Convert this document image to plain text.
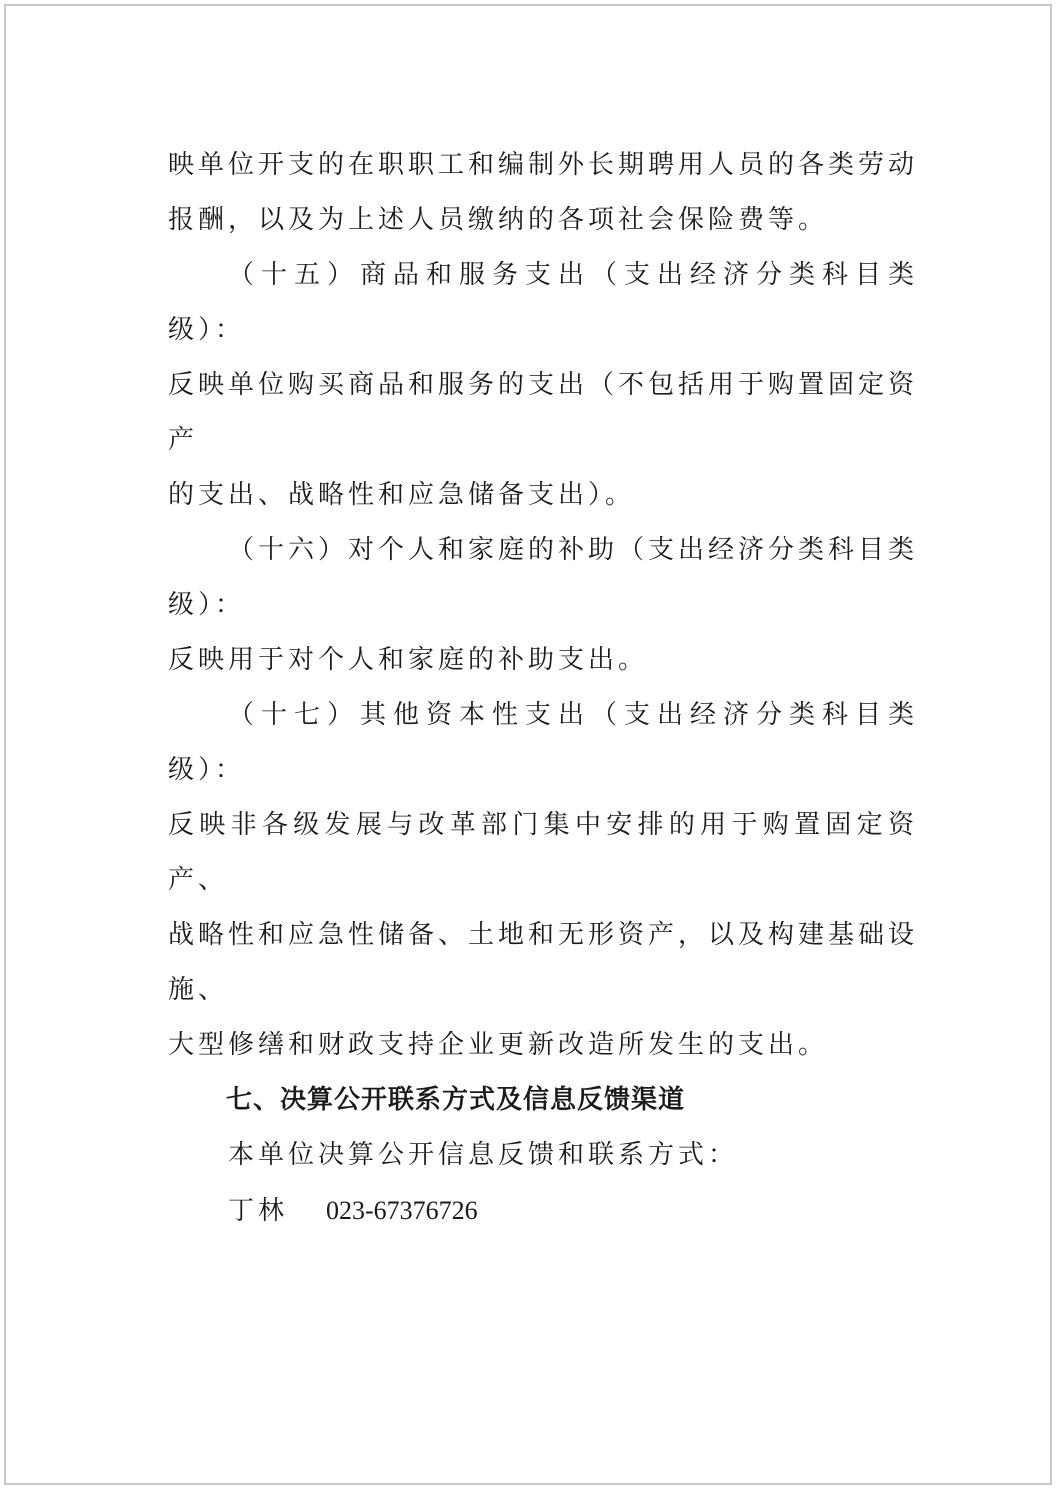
映单位开支的在职职工和编制外长期聘用人员的各类劳动
报酬，以及为上述人员缴纳的各项社会保险费等。
（十五）商品和服务支出（支出经济分类科目类级）：
反映单位购买商品和服务的支出（不包括用于购置固定资产
的支出、战略性和应急储备支出）。
（十六）对个人和家庭的补助（支出经济分类科目类级）：
反映用于对个人和家庭的补助支出。
（十七）其他资本性支出（支出经济分类科目类级）：
反映非各级发展与改革部门集中安排的用于购置固定资产、
战略性和应急性储备、土地和无形资产，以及构建基础设施、
大型修缮和财政支持企业更新改造所发生的支出。
七、决算公开联系方式及信息反馈渠道
本单位决算公开信息反馈和联系方式：
丁林 023-67376726
